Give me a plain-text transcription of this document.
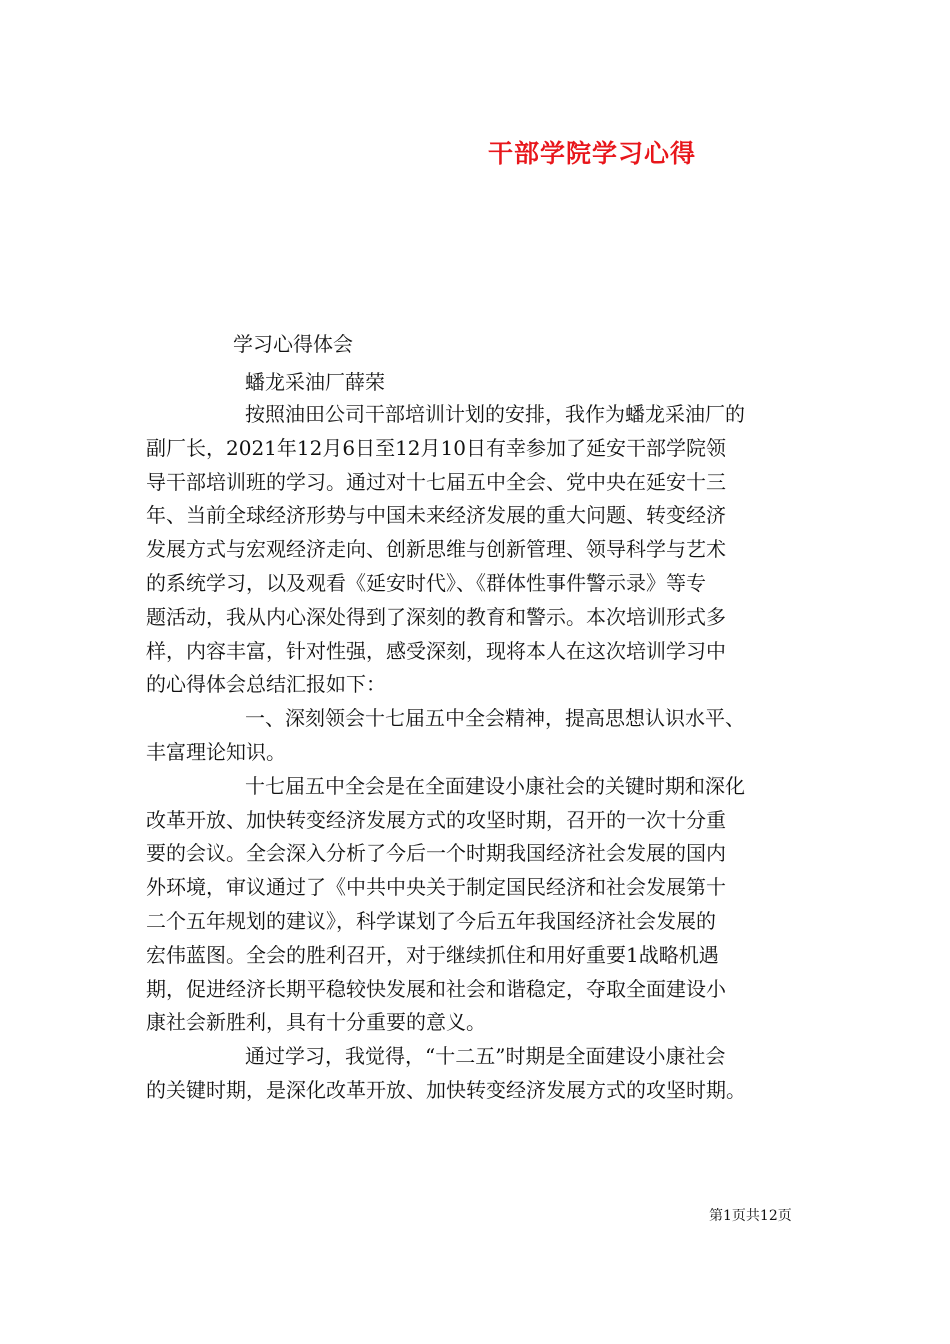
干部学院学习心得
学习心得体会
蟠龙采油厂薛荣
按照油田公司干部培训计划的安排，我作为蟠龙采油厂的
副厂长，2021年12月6日至12月10日有幸参加了延安干部学院领
导干部培训班的学习。通过对十七届五中全会、党中央在延安十三
年、当前全球经济形势与中国未来经济发展的重大问题、转变经济
发展方式与宏观经济走向、创新思维与创新管理、领导科学与艺术
的系统学习，以及观看《延安时代》、《群体性事件警示录》等专
题活动，我从内心深处得到了深刻的教育和警示。本次培训形式多
样，内容丰富，针对性强，感受深刻，现将本人在这次培训学习中
的心得体会总结汇报如下：
一、深刻领会十七届五中全会精神，提高思想认识水平、
丰富理论知识。
十七届五中全会是在全面建设小康社会的关键时期和深化
改革开放、加快转变经济发展方式的攻坚时期，召开的一次十分重
要的会议。全会深入分析了今后一个时期我国经济社会发展的国内
外环境，审议通过了《中共中央关于制定国民经济和社会发展第十
二个五年规划的建议》，科学谋划了今后五年我国经济社会发展的
宏伟蓝图。全会的胜利召开，对于继续抓住和用好重要1战略机遇
期，促进经济长期平稳较快发展和社会和谐稳定，夺取全面建设小
康社会新胜利，具有十分重要的意义。
通过学习，我觉得，“十二五”时期是全面建设小康社会
的关键时期，是深化改革开放、加快转变经济发展方式的攻坚时期。
第1页共12页
